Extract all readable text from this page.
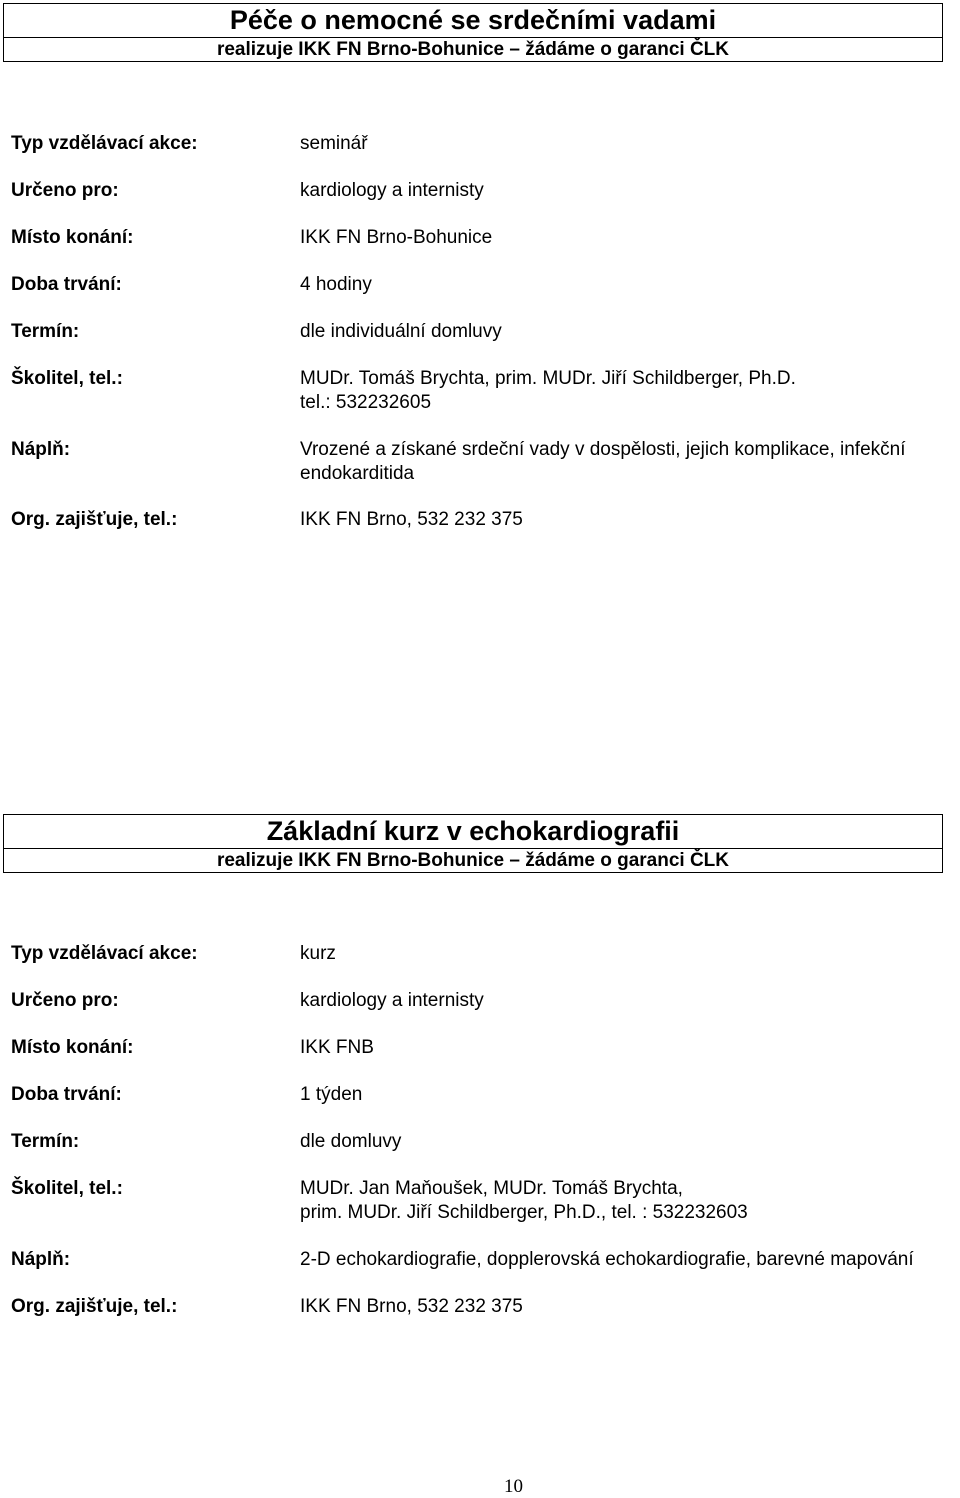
Péče o nemocné se srdečními vadami
realizuje IKK FN Brno-Bohunice – žádáme o garanci ČLK
Typ vzdělávací akce:	seminář
Určeno pro:	kardiology a internisty
Místo konání:	IKK FN Brno-Bohunice
Doba trvání:	4 hodiny
Termín:	dle individuální domluvy
Školitel, tel.:	MUDr. Tomáš Brychta, prim. MUDr. Jiří Schildberger, Ph.D.
tel.: 532232605
Náplň:	Vrozené a získané srdeční vady v dospělosti, jejich komplikace, infekční endokarditida
Org. zajišťuje, tel.:	IKK FN Brno, 532 232 375
Základní kurz v echokardiografii
realizuje IKK FN Brno-Bohunice – žádáme o garanci ČLK
Typ vzdělávací akce:	kurz
Určeno pro:	kardiology a internisty
Místo konání:	IKK FNB
Doba trvání:	1 týden
Termín:	dle domluvy
Školitel, tel.:	MUDr. Jan Maňoušek, MUDr. Tomáš Brychta,
prim. MUDr. Jiří Schildberger, Ph.D., tel. : 532232603
Náplň:	2-D echokardiografie, dopplerovská echokardiografie, barevné mapování
Org. zajišťuje, tel.:	IKK FN Brno, 532 232 375
10
